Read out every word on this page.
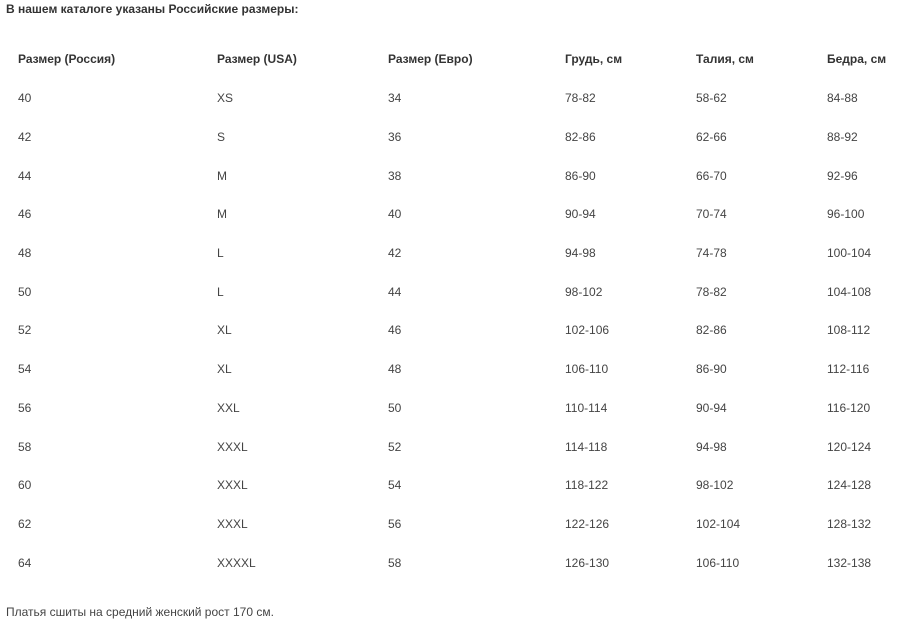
В нашем каталоге указаны Российские размеры:
Размер (Россия)	Размер (USA)	Размер (Евро)	Грудь, см	Талия, см	Бедра, см
40	XS	34	78-82	58-62	84-88
42	S	36	82-86	62-66	88-92
44	M	38	86-90	66-70	92-96
46	M	40	90-94	70-74	96-100
48	L	42	94-98	74-78	100-104
50	L	44	98-102	78-82	104-108
52	XL	46	102-106	82-86	108-112
54	XL	48	106-110	86-90	112-116
56	XXL	50	110-114	90-94	116-120
58	XXXL	52	114-118	94-98	120-124
60	XXXL	54	118-122	98-102	124-128
62	XXXL	56	122-126	102-104	128-132
64	XXXXL	58	126-130	106-110	132-138
Платья сшиты на средний женский рост 170 см.
